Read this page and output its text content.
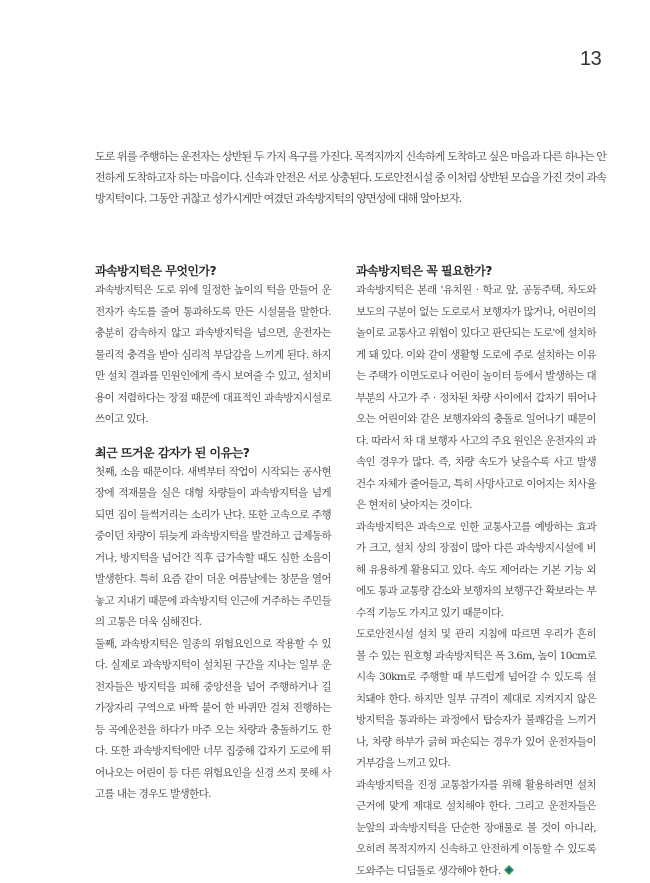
13

도로 위를 주행하는 운전자는 상반된 두 가지 욕구를 가진다. 목적지까지 신속하게 도착하고 싶은 마음과 다른 하나는 안전하게 도착하고자 하는 마음이다. 신속과 안전은 서로 상충된다. 도로안전시설 중 이처럼 상반된 모습을 가진 것이 과속방지턱이다. 그동안 귀찮고 성가시게만 여겼던 과속방지턱의 양면성에 대해 알아보자.

과속방지턱은 무엇인가?

과속방지턱은 도로 위에 일정한 높이의 턱을 만들어 운전자가 속도를 줄여 통과하도록 만든 시설물을 말한다. 충분히 감속하지 않고 과속방지턱을 넘으면, 운전자는 물리적 충격을 받아 심리적 부담감을 느끼게 된다. 하지만 설치 결과를 민원인에게 즉시 보여줄 수 있고, 설치비용이 저렴하다는 장점 때문에 대표적인 과속방지시설로 쓰이고 있다.

최근 뜨거운 감자가 된 이유는?

첫째, 소음 때문이다. 새벽부터 작업이 시작되는 공사현장에 적재물을 실은 대형 차량들이 과속방지턱을 넘게 되면 짐이 들썩거리는 소리가 난다. 또한 고속으로 주행 중이던 차량이 뒤늦게 과속방지턱을 발견하고 급제동하거나, 방지턱을 넘어간 직후 급가속할 때도 심한 소음이 발생한다. 특히 요즘 같이 더운 여름날에는 창문을 열어놓고 지내기 때문에 과속방지턱 인근에 거주하는 주민들의 고통은 더욱 심해진다.

둘째, 과속방지턱은 일종의 위험요인으로 작용할 수 있다. 실제로 과속방지턱이 설치된 구간을 지나는 일부 운전자들은 방지턱을 피해 중앙선을 넘어 주행하거나 길 가장자리 구역으로 바짝 붙어 한 바퀴만 걸쳐 진행하는 등 곡예운전을 하다가 마주 오는 차량과 충돌하기도 한다. 또한 과속방지턱에만 너무 집중해 갑자기 도로에 뛰어나오는 어린이 등 다른 위험요인을 신경 쓰지 못해 사고를 내는 경우도 발생한다.

과속방지턱은 꼭 필요한가?

과속방지턱은 본래 '유치원 · 학교 앞, 공동주택, 차도와 보도의 구분이 없는 도로로서 보행자가 많거나, 어린이의 놀이로 교통사고 위험이 있다고 판단되는 도로'에 설치하게 돼 있다. 이와 같이 생활형 도로에 주로 설치하는 이유는 주택가 이면도로나 어린이 놀이터 등에서 발생하는 대부분의 사고가 주 · 정차된 차량 사이에서 갑자기 뛰어나오는 어린이와 같은 보행자와의 충돌로 일어나기 때문이다. 따라서 차 대 보행자 사고의 주요 원인은 운전자의 과속인 경우가 많다. 즉, 차량 속도가 낮을수록 사고 발생 건수 자체가 줄어들고, 특히 사망사고로 이어지는 치사율은 현저히 낮아지는 것이다.

과속방지턱은 과속으로 인한 교통사고를 예방하는 효과가 크고, 설치 상의 장점이 많아 다른 과속방지시설에 비해 유용하게 활용되고 있다. 속도 제어라는 기본 기능 외에도 통과 교통량 감소와 보행자의 보행구간 확보라는 부수적 기능도 가지고 있기 때문이다.

도로안전시설 설치 및 관리 지침에 따르면 우리가 흔히 볼 수 있는 원호형 과속방지턱은 폭 3.6m, 높이 10cm로 시속 30km로 주행할 때 부드럽게 넘어갈 수 있도록 설치돼야 한다. 하지만 일부 규격이 제대로 지켜지지 않은 방지턱을 통과하는 과정에서 탑승자가 불쾌감을 느끼거나, 차량 하부가 긁혀 파손되는 경우가 있어 운전자들이 거부감을 느끼고 있다.

과속방지턱을 진정 교통참가자를 위해 활용하려면 설치 근거에 맞게 제대로 설치해야 한다. 그리고 운전자들은 눈앞의 과속방지턱을 단순한 장애물로 볼 것이 아니라, 오히려 목적지까지 신속하고 안전하게 이동할 수 있도록 도와주는 디딤돌로 생각해야 한다.
